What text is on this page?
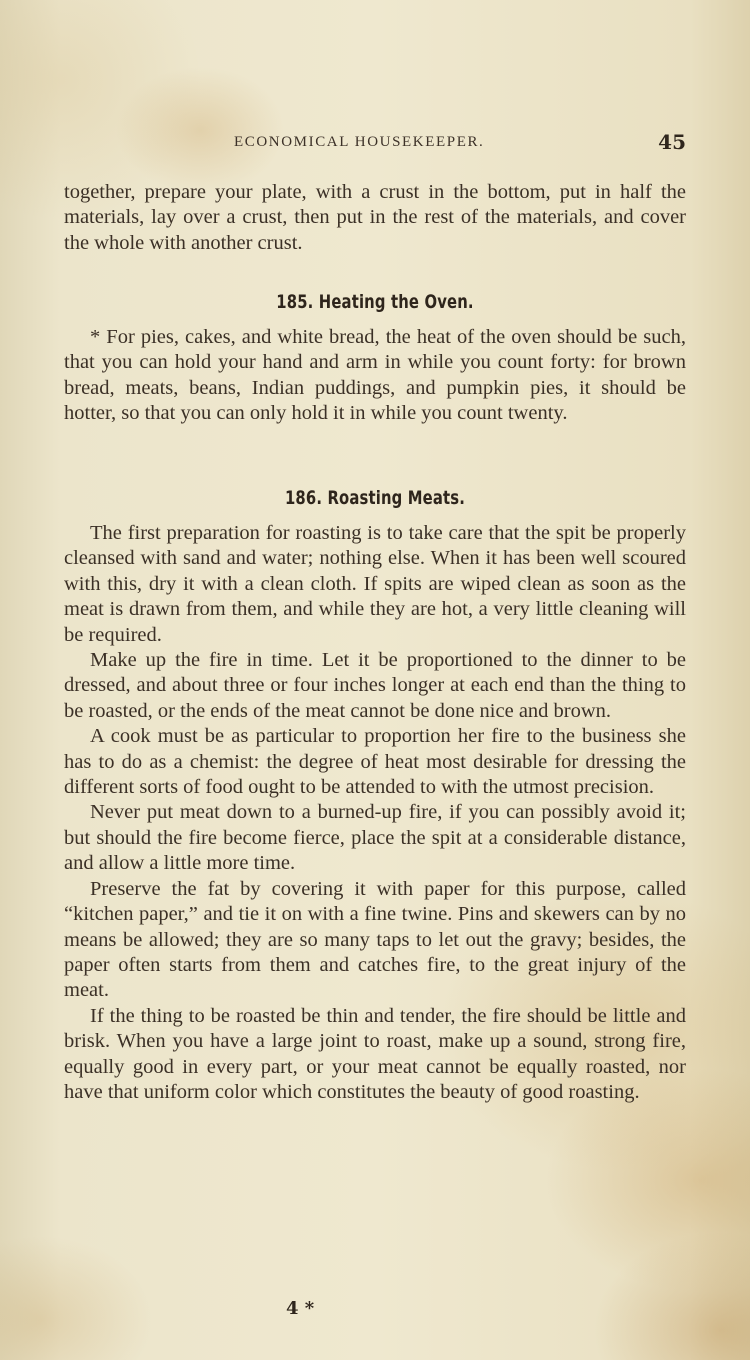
ECONOMICAL HOUSEKEEPER.	45

together, prepare your plate, with a crust in the bottom, put in half the materials, lay over a crust, then put in the rest of the materials, and cover the whole with another crust.

185. Heating the Oven.

* For pies, cakes, and white bread, the heat of the oven should be such, that you can hold your hand and arm in while you count forty: for brown bread, meats, beans, Indian puddings, and pumpkin pies, it should be hotter, so that you can only hold it in while you count twenty.

186. Roasting Meats.

The first preparation for roasting is to take care that the spit be properly cleansed with sand and water; nothing else. When it has been well scoured with this, dry it with a clean cloth. If spits are wiped clean as soon as the meat is drawn from them, and while they are hot, a very little cleaning will be required.

Make up the fire in time. Let it be proportioned to the dinner to be dressed, and about three or four inches longer at each end than the thing to be roasted, or the ends of the meat cannot be done nice and brown.

A cook must be as particular to proportion her fire to the business she has to do as a chemist: the degree of heat most desirable for dressing the different sorts of food ought to be attended to with the utmost precision.

Never put meat down to a burned-up fire, if you can possibly avoid it; but should the fire become fierce, place the spit at a considerable distance, and allow a little more time.

Preserve the fat by covering it with paper for this purpose, called “kitchen paper,” and tie it on with a fine twine. Pins and skewers can by no means be allowed; they are so many taps to let out the gravy; besides, the paper often starts from them and catches fire, to the great injury of the meat.

If the thing to be roasted be thin and tender, the fire should be little and brisk. When you have a large joint to roast, make up a sound, strong fire, equally good in every part, or your meat cannot be equally roasted, nor have that uniform color which constitutes the beauty of good roasting.

4 *
